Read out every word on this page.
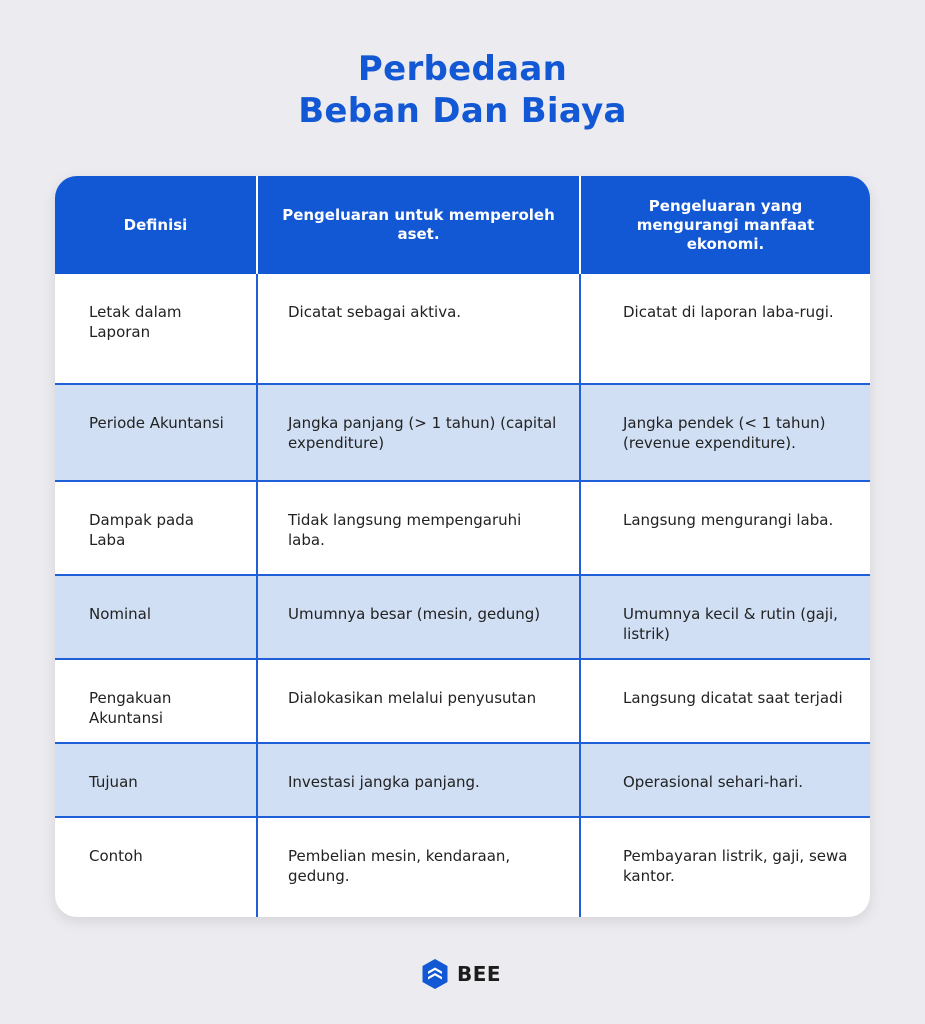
Perbedaan
Beban Dan Biaya
Definisi	Pengeluaran untuk memperoleh aset.	Pengeluaran yang mengurangi manfaat ekonomi.
Letak dalam Laporan	Dicatat sebagai aktiva.	Dicatat di laporan laba-rugi.
Periode Akuntansi	Jangka panjang (> 1 tahun) (capital expenditure)	Jangka pendek (< 1 tahun) (revenue expenditure).
Dampak pada Laba	Tidak langsung mempengaruhi laba.	Langsung mengurangi laba.
Nominal	Umumnya besar (mesin, gedung)	Umumnya kecil & rutin (gaji, listrik)
Pengakuan Akuntansi	Dialokasikan melalui penyusutan	Langsung dicatat saat terjadi
Tujuan	Investasi jangka panjang.	Operasional sehari-hari.
Contoh	Pembelian mesin, kendaraan, gedung.	Pembayaran listrik, gaji, sewa kantor.
BEE
